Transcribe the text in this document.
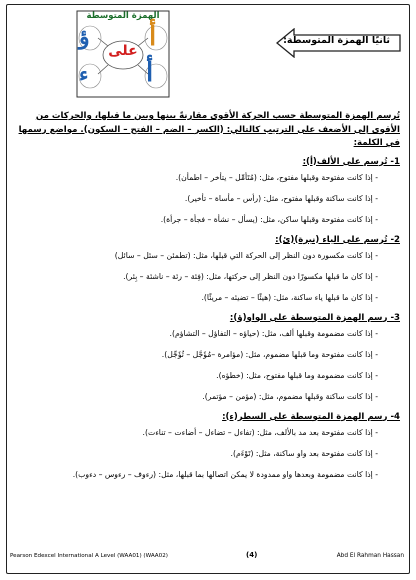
ثانيًا الهمزة المتوسطة:
الهمزة المتوسطة
على
ؤ
ء
أ
أ

تُرسم الهمزة المتوسطة حسب الحركة الأقوى مقارنةً بينها وبين ما قبلها، والحركات من الأقوى إلى الأضعف على الترتيب كالتالي: (الكسر – الضم – الفتح – السكون). مواضع رسمها في الكلمة:

1- تُرسم على الألف(أ):

- إذا كانت مفتوحة وقبلها مفتوح، مثل: (مُتَأمِّل – يتأخر – اطمأن).

- إذا كانت ساكنة وقبلها مفتوح، مثل: (رأس – مأساة – تأخير).

- إذا كانت مفتوحة وقبلها ساكن، مثل: (يسأل – نشأة – فجأة – جرأة).

2- تُرسم على الياء (نبرة)(ئ):

- إذا كانت مكسورة دون النظر إلى الحركة التي قبلها، مثل: (تطمئن – سئل – سائل)

- إذا كان ما قبلها مكسورًا دون النظر إلى حركتها، مثل: (فِئة – رئة – ناشئة – بِئر).

- إذا كان ما قبلها ياء ساكنة، مثل: (هيئًا – تضيئه – مريئًا).

3- رسم الهمزة المتوسطة على الواو(ؤ):

- إذا كانت مضمومة وقبلها ألف، مثل: (حياؤه – التفاؤل – التشاؤم).

- إذا كانت مفتوحة وما قبلها مضموم، مثل: (مؤامرة –مُؤَجَّل – تُؤَجِّل).

- إذا كانت مضمومة وما قبلها مفتوح، مثل: (خطؤه).

- إذا كانت ساكنة وقبلها مضموم، مثل: (مؤمن – مؤتمر).

4- رسم الهمزة المتوسطة على السطر(ء):

- إذا كانت مفتوحة بعد مد بالألف، مثل: (تفاءل – تضاءل – أضاءت – تناءت).

- إذا كانت مفتوحة بعد واو ساكنة، مثل: (تَوْءَم).

- إذا كانت مضمومة وبعدها واو ممدودة لا يمكن اتصالها بما قبلها، مثل: (رءوف – رءوس – دءوب).

Pearson Edexcel International A Level (WAA01) (WAA02)	(4)	Abd El Rahman Hassan
